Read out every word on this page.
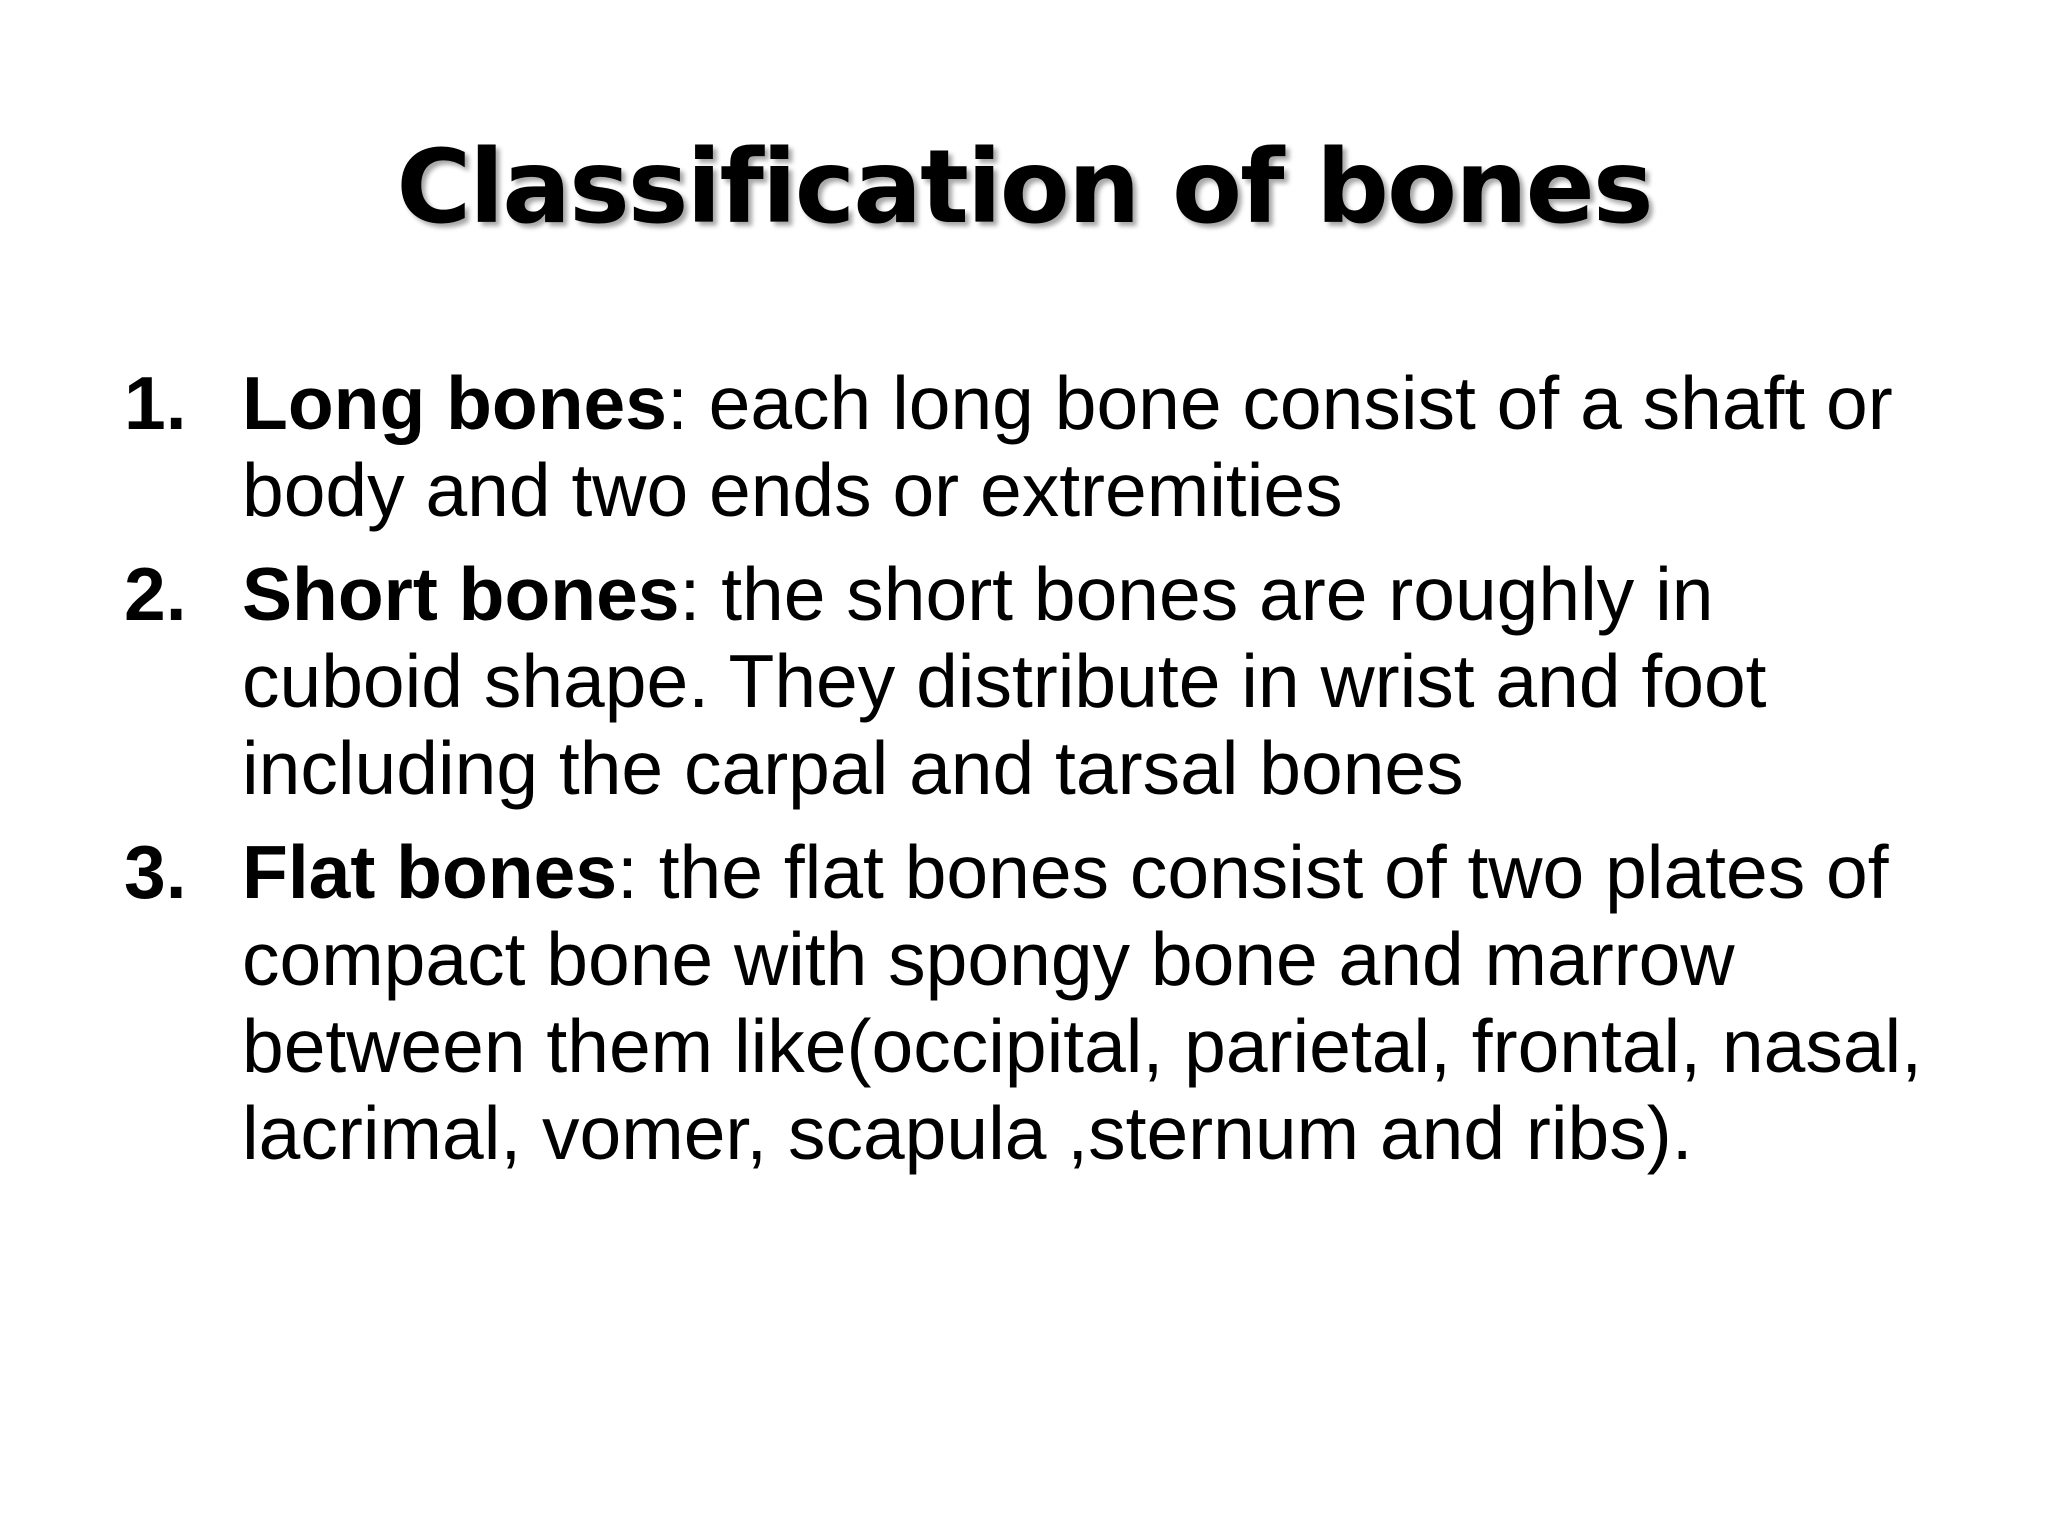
Classification of bones
1. Long bones: each long bone consist of a shaft or body and two ends or extremities
2. Short bones: the short bones are roughly in cuboid shape. They distribute in wrist and foot including the carpal and tarsal bones
3. Flat bones: the flat bones consist of two plates of compact bone with spongy bone and marrow between them like(occipital, parietal, frontal, nasal, lacrimal, vomer, scapula ,sternum and ribs).
